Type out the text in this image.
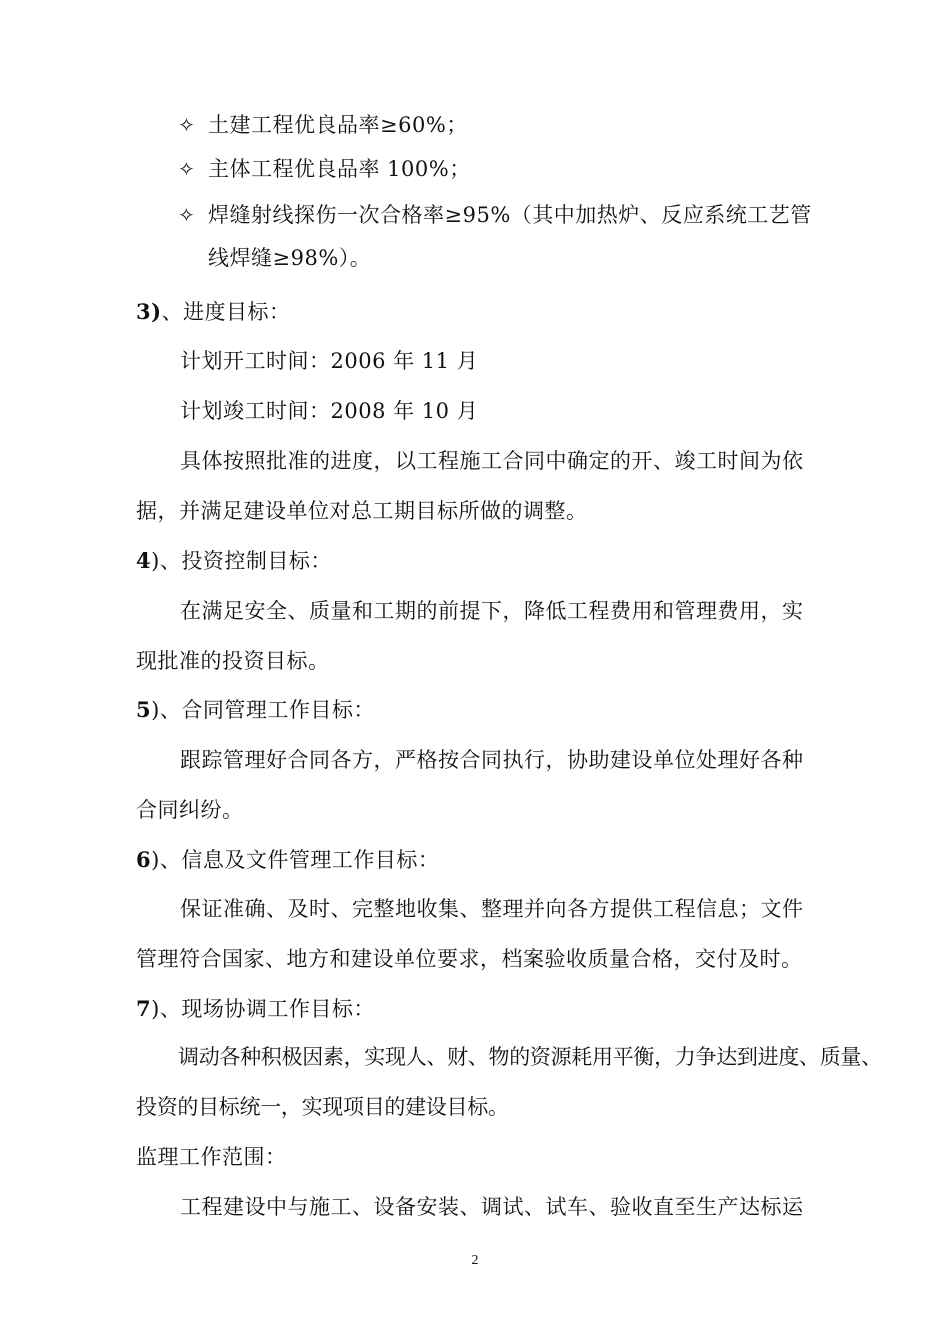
✧ 土建工程优良品率≥60%；
✧ 主体工程优良品率 100%；
✧ 焊缝射线探伤一次合格率≥95%（其中加热炉、反应系统工艺管
线焊缝≥98%）。
3)、进度目标：
计划开工时间：2006 年 11 月
计划竣工时间：2008 年 10 月
具体按照批准的进度，以工程施工合同中确定的开、竣工时间为依
据，并满足建设单位对总工期目标所做的调整。
4)、投资控制目标：
在满足安全、质量和工期的前提下，降低工程费用和管理费用，实
现批准的投资目标。
5)、合同管理工作目标：
跟踪管理好合同各方，严格按合同执行，协助建设单位处理好各种
合同纠纷。
6)、信息及文件管理工作目标：
保证准确、及时、完整地收集、整理并向各方提供工程信息；文件
管理符合国家、地方和建设单位要求，档案验收质量合格，交付及时。
7)、现场协调工作目标：
调动各种积极因素，实现人、财、物的资源耗用平衡，力争达到进度、质量、
投资的目标统一，实现项目的建设目标。
监理工作范围：
工程建设中与施工、设备安装、调试、试车、验收直至生产达标运
2
